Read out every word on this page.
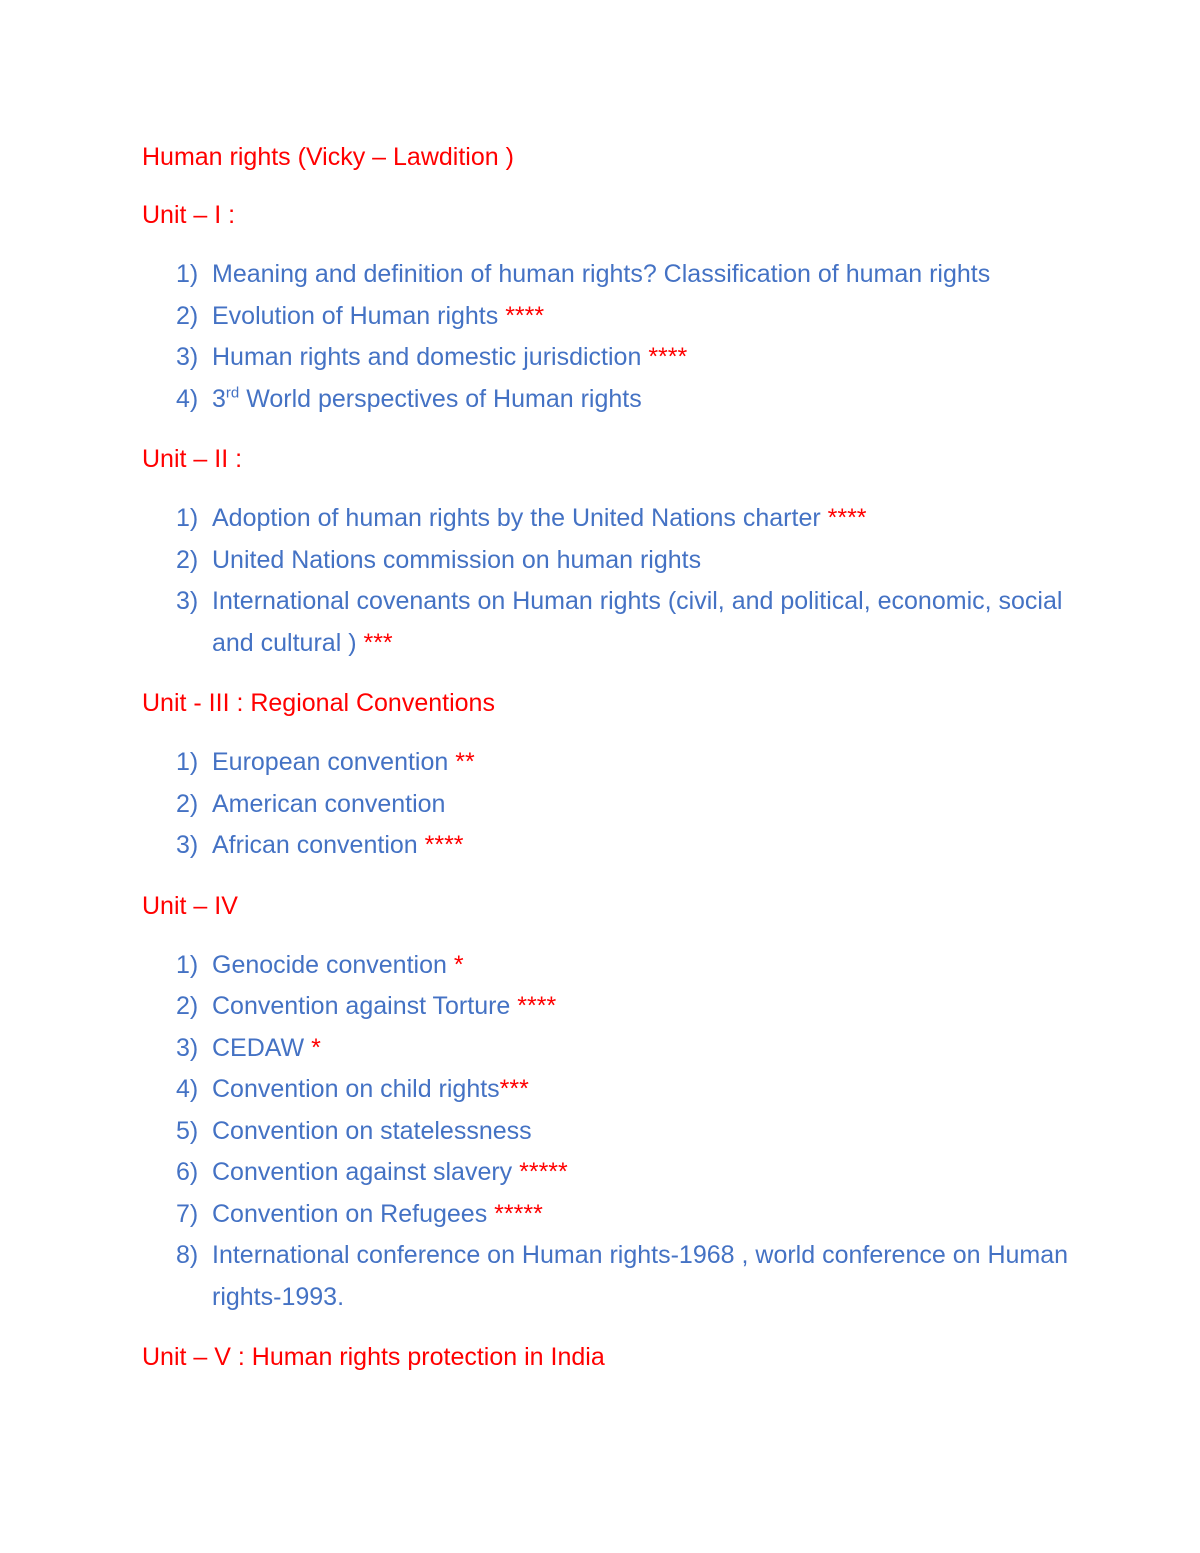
Human rights (Vicky – Lawdition )
Unit – I :
1) Meaning and definition of human rights? Classification of human rights
2) Evolution of Human rights ****
3) Human rights and domestic jurisdiction ****
4) 3rd World perspectives of Human rights
Unit – II :
1) Adoption of human rights by the United Nations charter ****
2) United Nations commission on human rights
3) International covenants on Human rights (civil, and political, economic, social and cultural ) ***
Unit - III : Regional Conventions
1) European convention **
2) American convention
3) African convention ****
Unit – IV
1) Genocide convention *
2) Convention against Torture ****
3) CEDAW *
4) Convention on child rights***
5) Convention on statelessness
6) Convention against slavery *****
7) Convention on Refugees *****
8) International conference on Human rights-1968 , world conference on Human rights-1993.
Unit – V : Human rights protection in India
